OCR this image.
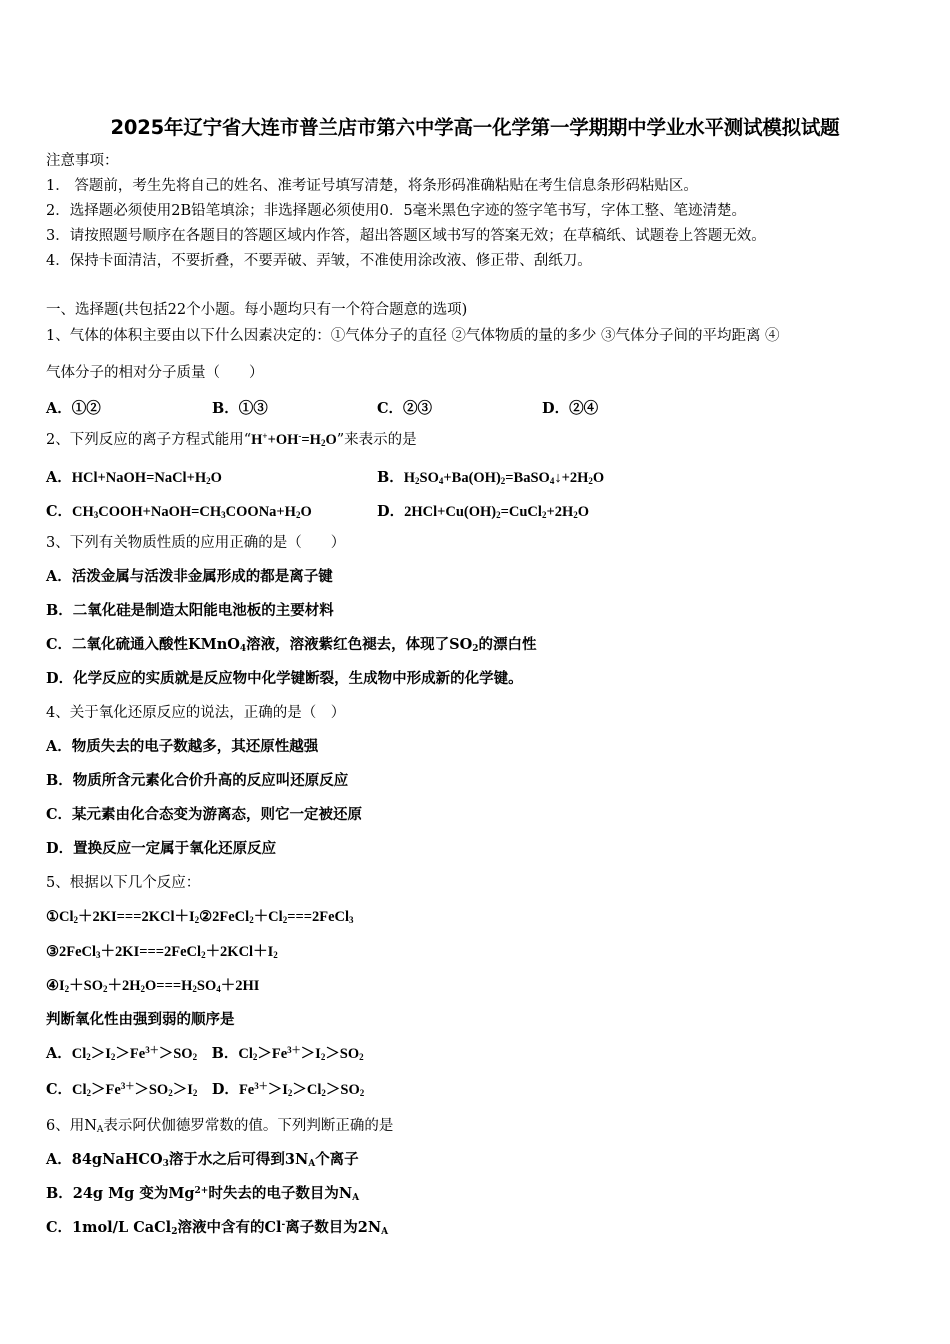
2025年辽宁省大连市普兰店市第六中学高一化学第一学期期中学业水平测试模拟试题
注意事项：
1． 答题前，考生先将自己的姓名、准考证号填写清楚，将条形码准确粘贴在考生信息条形码粘贴区。
2．选择题必须使用2B铅笔填涂；非选择题必须使用0．5毫米黑色字迹的签字笔书写，字体工整、笔迹清楚。
3．请按照题号顺序在各题目的答题区域内作答，超出答题区域书写的答案无效；在草稿纸、试题卷上答题无效。
4．保持卡面清洁，不要折叠，不要弄破、弄皱，不准使用涂改液、修正带、刮纸刀。
一、选择题(共包括22个小题。每小题均只有一个符合题意的选项)
1、气体的体积主要由以下什么因素决定的：①气体分子的直径 ②气体物质的量的多少 ③气体分子间的平均距离 ④
气体分子的相对分子质量（　　）
A．①②	B．①③	C．②③	D．②④
2、下列反应的离子方程式能用“$H^++OH^-=H_2O$”来表示的是
A．$HCl+NaOH=NaCl+H_2O$	B．$H_2SO_4+Ba(OH)_2=BaSO_4↓+2H_2O$
C．$CH_3COOH+NaOH=CH_3COONa+H_2O$	D．$2HCl+Cu(OH)_2=CuCl_2+2H_2O$
3、下列有关物质性质的应用正确的是（　　）
A．活泼金属与活泼非金属形成的都是离子键
B．二氧化硅是制造太阳能电池板的主要材料
C．二氧化硫通入酸性KMnO$_4$溶液，溶液紫红色褪去，体现了$SO_2$的漂白性
D．化学反应的实质就是反应物中化学键断裂，生成物中形成新的化学键。
4、关于氧化还原反应的说法，正确的是（　）
A．物质失去的电子数越多，其还原性越强
B．物质所含元素化合价升高的反应叫还原反应
C．某元素由化合态变为游离态，则它一定被还原
D．置换反应一定属于氧化还原反应
5、根据以下几个反应：
$①Cl_2+2KI===2KCl+I_2②2FeCl_2+Cl_2===2FeCl_3$
$③2FeCl_3+2KI===2FeCl_2+2KCl+I_2$
$④I_2+SO_2+2H_2O===H_2SO_4+2HI$
判断氧化性由强到弱的顺序是
A．$Cl_2>I_2>Fe^{3+}>SO_2$　 B．$Cl_2>Fe^{3+}>I_2>SO_2$
C．$Cl_2>Fe^{3+}>SO_2>I_2$　 D．$Fe^{3+}>I_2>Cl_2>SO_2$
6、用$N_A$表示阿伏伽德罗常数的值。下列判断正确的是
A．84gNaHCO$_3$溶于水之后可得到$3N_A$个离子
B．24g Mg 变为$Mg^{2+}$时失去的电子数目为$N_A$
C．1mol/L CaCl$_2$溶液中含有的Cl-离子数目为$2N_A$
